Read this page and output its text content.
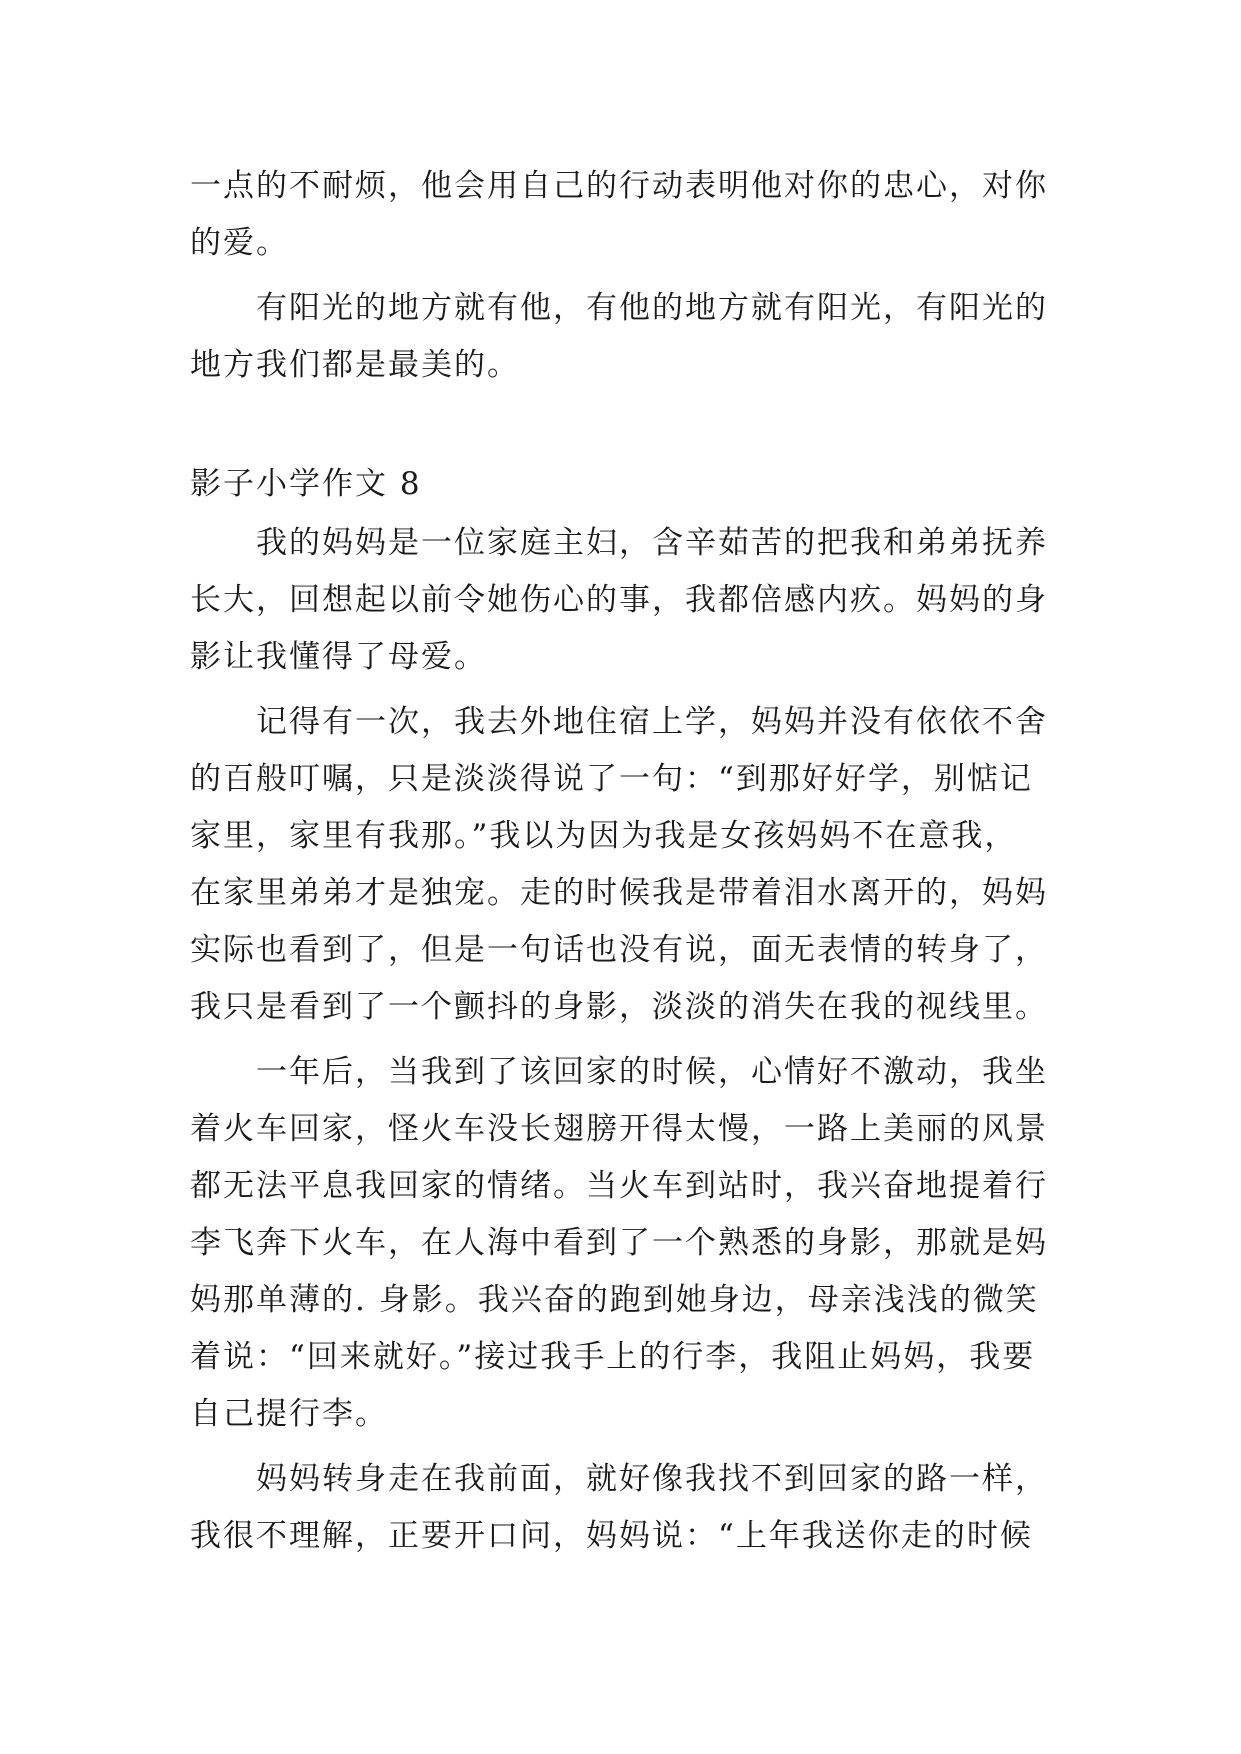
一点的不耐烦，他会用自己的行动表明他对你的忠心，对你
的爱。
有阳光的地方就有他，有他的地方就有阳光，有阳光的
地方我们都是最美的。
影子小学作文 8
我的妈妈是一位家庭主妇，含辛茹苦的把我和弟弟抚养
长大，回想起以前令她伤心的事，我都倍感内疚。妈妈的身
影让我懂得了母爱。
记得有一次，我去外地住宿上学，妈妈并没有依依不舍
的百般叮嘱，只是淡淡得说了一句：“到那好好学，别惦记
家里，家里有我那。”我以为因为我是女孩妈妈不在意我，
在家里弟弟才是独宠。走的时候我是带着泪水离开的，妈妈
实际也看到了，但是一句话也没有说，面无表情的转身了，
我只是看到了一个颤抖的身影，淡淡的消失在我的视线里。
一年后，当我到了该回家的时候，心情好不激动，我坐
着火车回家，怪火车没长翅膀开得太慢，一路上美丽的风景
都无法平息我回家的情绪。当火车到站时，我兴奋地提着行
李飞奔下火车，在人海中看到了一个熟悉的身影，那就是妈
妈那单薄的. 身影。我兴奋的跑到她身边，母亲浅浅的微笑
着说：“回来就好。”接过我手上的行李，我阻止妈妈，我要
自己提行李。
妈妈转身走在我前面，就好像我找不到回家的路一样，
我很不理解，正要开口问，妈妈说：“上年我送你走的时候
